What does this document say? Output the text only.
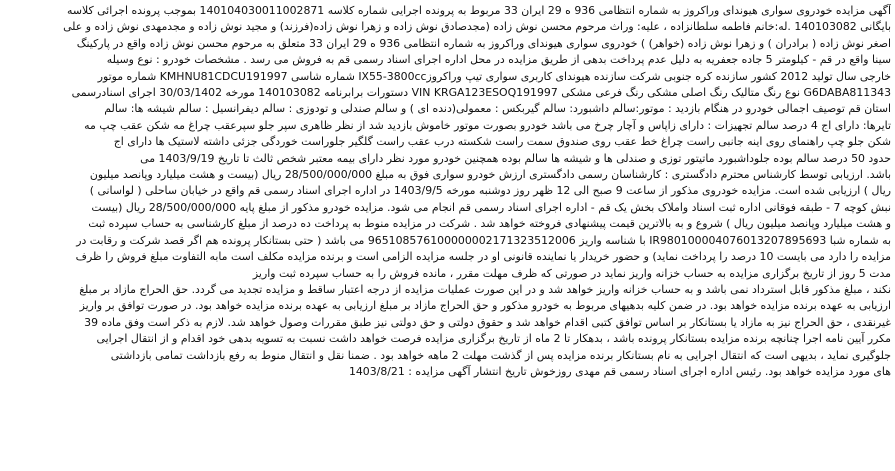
آگهی مزایده خودروی سواری هیوندای وراکروز به شماره انتظامی 936 ه 29 ایران 33 مربوط به پرونده اجرایی شماره کلاسه 140104030011002871 بموجب پرونده اجرائی کلاسه
بایگانی 140103082 .له:خانم فاطمه سلطانزاده ، علیه: وراث مرحوم محسن نوش زاده (مجدصادق نوش زاده و زهرا نوش زاده(فرزند) و مجید نوش زاده و مجدمهدی نوش زاده و علی
اصغر نوش زاده ( برادران ) و زهرا نوش زاده (خواهر) ) خودروی سواری هیوندای وراکروز به شماره انتظامی 936 ه 29 ایران 33 متعلق به مرحوم محسن نوش زاده واقع در پارکینگ
سینا واقع در قم - کیلومتر 5 جاده جعفریه به دلیل عدم پرداخت بدهی از طریق مزایده در محل اداره اجرای اسناد رسمی قم به فروش می رسد . مشخصات خودرو : نوع وسیله
خارجی سال تولید 2012 کشور سازنده کره جنوبی شرکت سازنده هیوندای کاربری سواری تیپ وراکروزIX55-3800cc شماره شاسی KMHNU81CDCU191997 شماره موتور
G6DABA811343 نوع رنگ متالیک رنگ اصلی مشکی رنگ فرعی مشکی VIN KRGA123ESOQ191997 دستورات برابرنامه 140103082 مورخه 30/03/1402 اجرای اسنادرسمی
استان قم توصیف اجمالی خودرو در هنگام بازدید : موتور:سالم داشبورد: سالم گیربکس : معمولی(دنده ای ) و سالم صندلی و تودوزی : سالم دیفرانسیل : سالم شیشه ها: سالم
تایرها: دارای اج 4 درصد سالم تجهیزات : دارای زاپاس و آچار چرخ می باشد خودرو بصورت موتور خاموش بازدید شد از نظر ظاهری سپر جلو سپرعقب چراغ مه شکن عقب چپ مه
شکن جلو چپ راهنمای روی اینه جانبی راست چراغ خط عقب روی صندوق سمت راست شکسته درب عقب راست گلگیر جلوراست خوردگی جزئی داشته لاستیک ها دارای اج
حدود 50 درصد سالم بوده جلوداشبورد ماتیتور توزی و صندلی ها و شیشه ها سالم بوده همچنین خودرو مورد نظر دارای بیمه معتبر شخص ثالث تا تاریخ 1403/9/19 می
باشد. ارزیابی توسط کارشناس محترم دادگستری : کارشناسان رسمی دادگستری ارزش خودرو سواری فوق به مبلغ 28/500/000/000 ریال (بیست و هشت میلیارد وپانصد میلیون
ریال ) ارزیابی شده است. مزایده خودروی مذکور از ساعت 9 صبح الی 12 ظهر روز دوشنبه مورخه 1403/9/5 در اداره اجرای اسناد رسمی قم واقع در خیابان ساحلی ( لواسانی )
نبش کوچه 7 - طبقه فوقانی اداره ثبت اسناد واملاک بخش یک قم - اداره اجرای اسناد رسمی قم انجام می شود. مزایده خودرو مذکور از مبلغ پایه 28/500/000/000 ریال (بیست
و هشت میلیارد وپانصد میلیون ریال ) شروع و به بالاترین قیمت پیشنهادی فروخته خواهد شد . شرکت در مزایده منوط به پرداخت ده درصد از مبلغ کارشناسی به حساب سپرده ثبت
به شماره شبا IR980100004076013207895693 با شناسه واریز 965108576100000002171323512006 می باشد ( حتی بستانکار پرونده هم اگر قصد شرکت و رقابت در
مزایده را دارد می بایست 10 درصد را پرداخت نماید) و حضور خریدار یا نماینده قانونی او در جلسه مزایده الزامی است و برنده مزایده مکلف است مابه التفاوت مبلغ فروش را ظرف
مدت 5 روز از تاریخ برگزاری مزایده به حساب خزانه واریز نماید در صورتی که ظرف مهلت مقرر ، مانده فروش را به حساب سپرده ثبت واریز
نکند ، مبلغ مذکور قابل استرداد نمی باشد و به حساب خزانه واریز خواهد شد و در این صورت عملیات مزایده از درجه اعتبار ساقط و مزایده تجدید می گردد. حق الحراج مازاد بر مبلغ
ارزیابی به عهده برنده مزایده خواهد بود. در ضمن کلیه بدهیهای مربوط به خودرو مذکور و حق الحراج مازاد بر مبلغ ارزیابی به عهده برنده مزایده خواهد بود. در صورت توافق بر واریز
غیرنقدی ، حق الحراج نیز به مازاد یا بستانکار بر اساس توافق کتبی اقدام خواهد شد و حقوق دولتی و حق دولتی نیز طبق مقررات وصول خواهد شد. لازم به ذکر است وفق ماده 39
مکرر آیین نامه اجرا چنانچه برنده مزایده بستانکار پرونده باشد ، بدهکار تا 2 ماه از تاریخ برگزاری مزایده فرصت خواهد داشت نسبت به تسویه بدهی خود اقدام و از انتقال اجرایی
جلوگیری نماید ، بدیهی است که انتقال اجرایی به نام بستانکار برنده مزایده پس از گذشت مهلت 2 ماهه خواهد بود . ضمنا نقل و انتقال منوط به رفع بازداشت تمامی بازداشتی
های مورد مزایده خواهد بود. رئیس اداره اجرای اسناد رسمی قم مهدی روزخوش تاریخ انتشار آگهی مزایده : 1403/8/21
